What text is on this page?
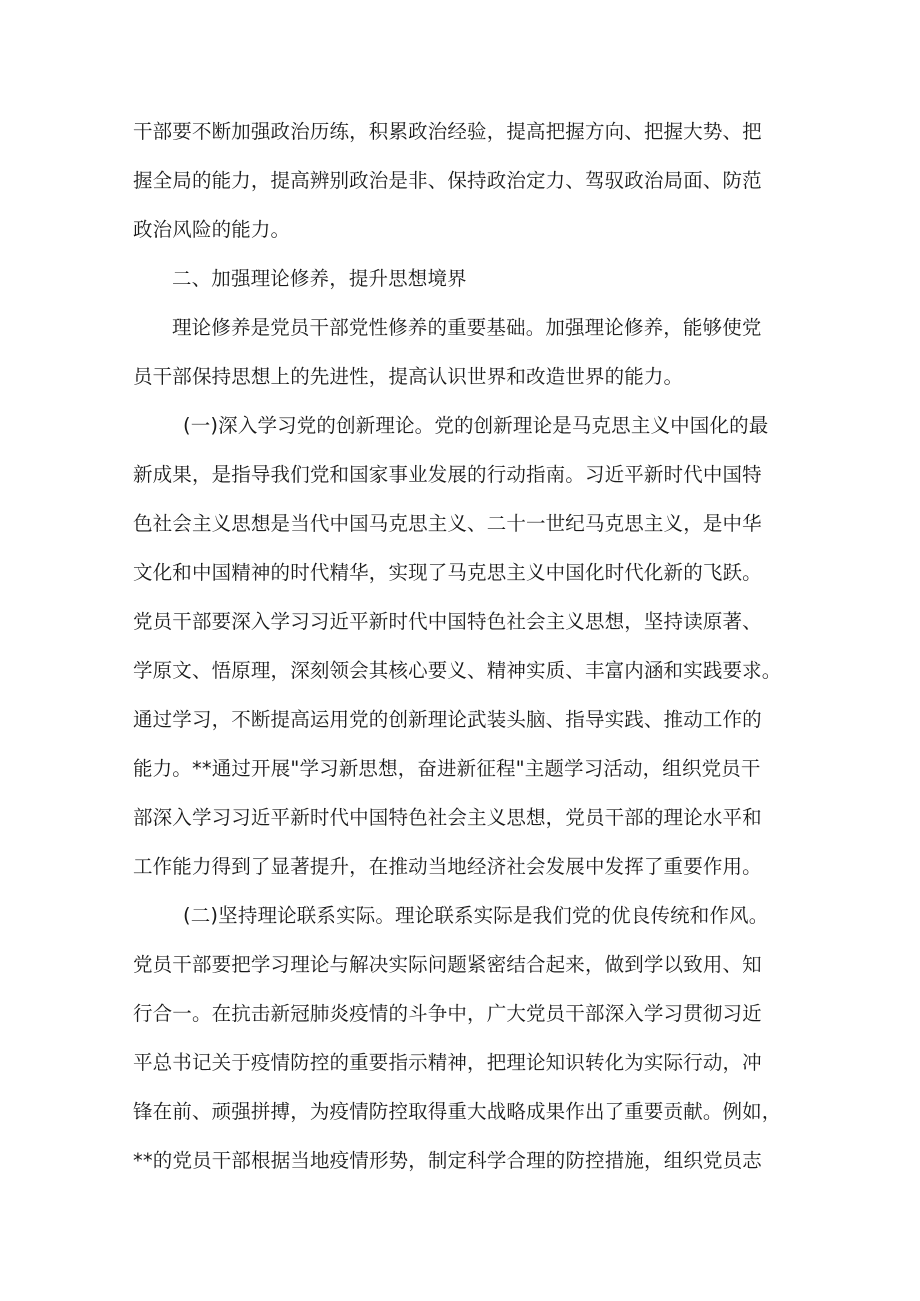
干部要不断加强政治历练，积累政治经验，提高把握方向、把握大势、把
握全局的能力，提高辨别政治是非、保持政治定力、驾驭政治局面、防范
政治风险的能力。
二、加强理论修养，提升思想境界
理论修养是党员干部党性修养的重要基础。加强理论修养，能够使党
员干部保持思想上的先进性，提高认识世界和改造世界的能力。
(一)深入学习党的创新理论。党的创新理论是马克思主义中国化的最
新成果，是指导我们党和国家事业发展的行动指南。习近平新时代中国特
色社会主义思想是当代中国马克思主义、二十一世纪马克思主义，是中华
文化和中国精神的时代精华，实现了马克思主义中国化时代化新的飞跃。
党员干部要深入学习习近平新时代中国特色社会主义思想，坚持读原著、
学原文、悟原理，深刻领会其核心要义、精神实质、丰富内涵和实践要求。
通过学习，不断提高运用党的创新理论武装头脑、指导实践、推动工作的
能力。**通过开展"学习新思想，奋进新征程"主题学习活动，组织党员干
部深入学习习近平新时代中国特色社会主义思想，党员干部的理论水平和
工作能力得到了显著提升，在推动当地经济社会发展中发挥了重要作用。
(二)坚持理论联系实际。理论联系实际是我们党的优良传统和作风。
党员干部要把学习理论与解决实际问题紧密结合起来，做到学以致用、知
行合一。在抗击新冠肺炎疫情的斗争中，广大党员干部深入学习贯彻习近
平总书记关于疫情防控的重要指示精神，把理论知识转化为实际行动，冲
锋在前、顽强拼搏，为疫情防控取得重大战略成果作出了重要贡献。例如，
**的党员干部根据当地疫情形势，制定科学合理的防控措施，组织党员志
